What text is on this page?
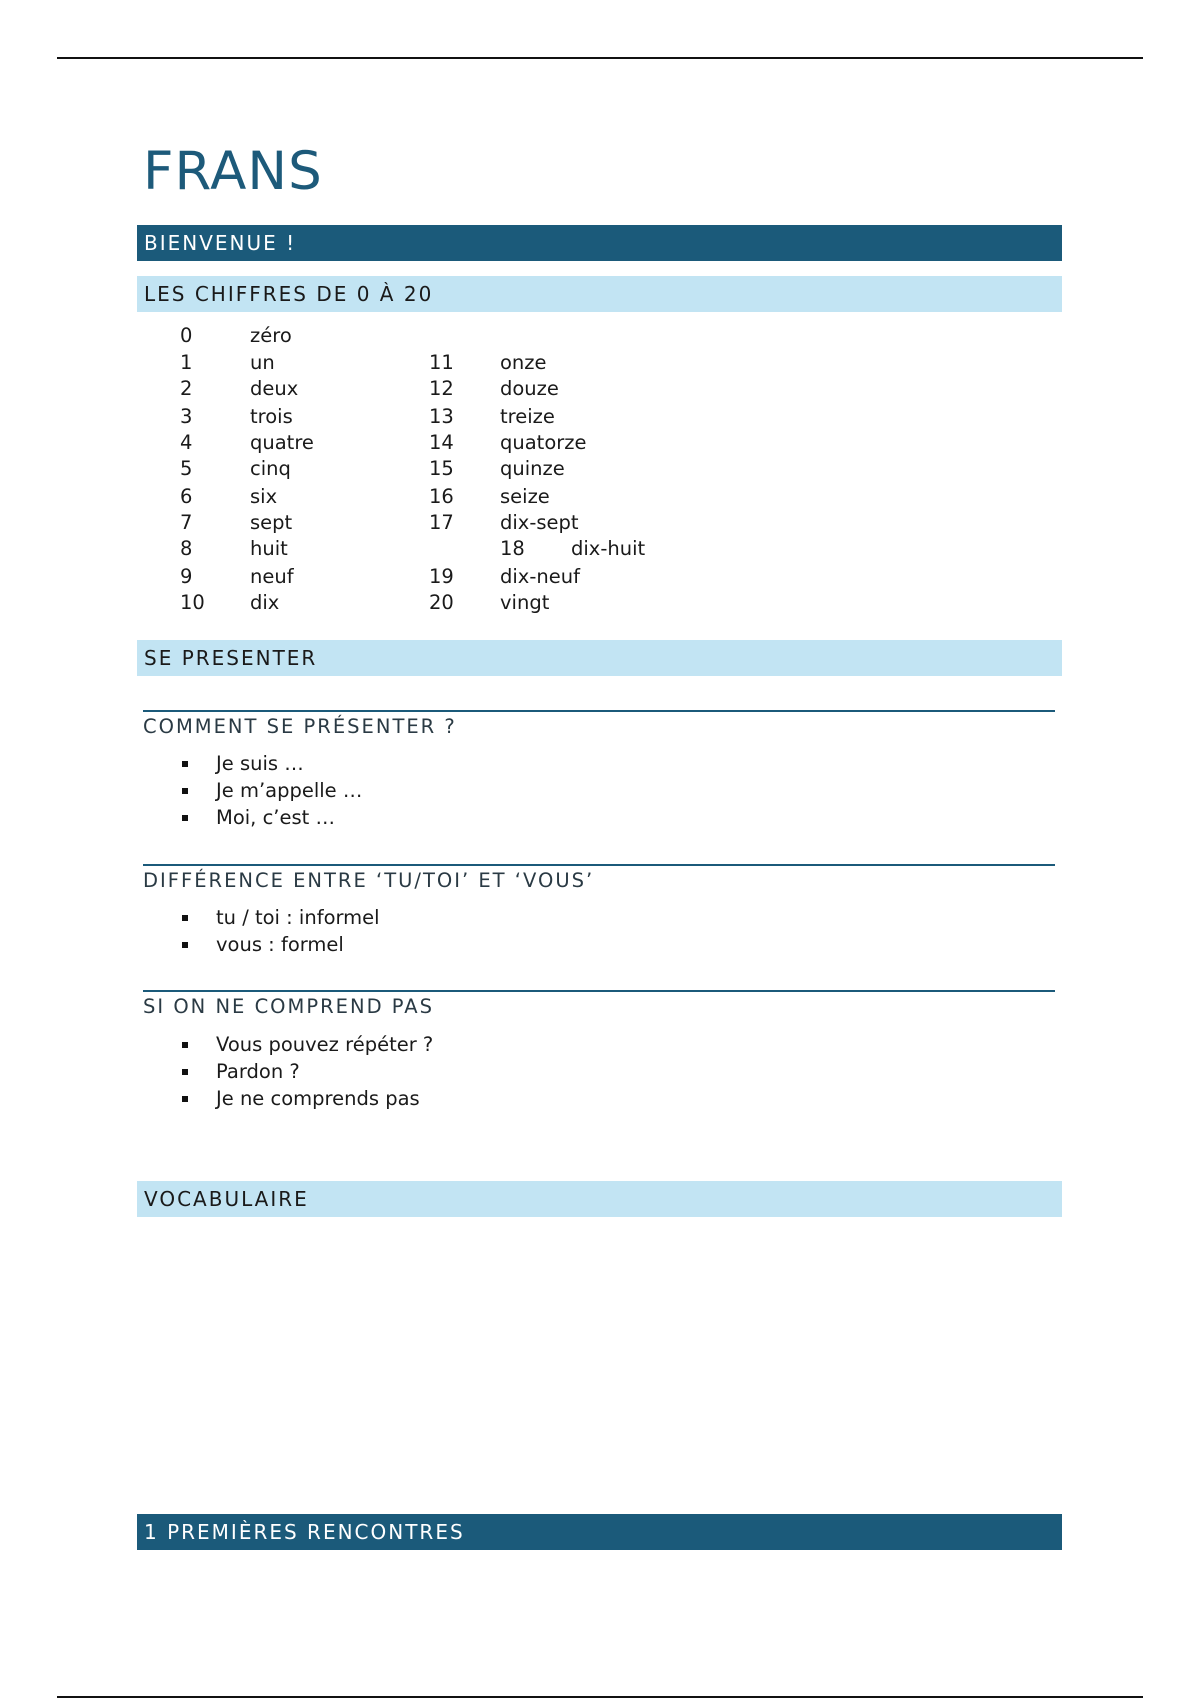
FRANS
BIENVENUE !
LES CHIFFRES DE 0 À 20
0	zéro
1	un	11 onze
2	deux	12 douze
3	trois	13 treize
4	quatre	14 quatorze
5	cinq	15 quinze
6	six	16 seize
7	sept	17 dix-sept
8	huit	18 dix-huit
9	neuf	19 dix-neuf
10 dix	20 vingt
SE PRESENTER
COMMENT SE PRÉSENTER ?
Je suis …
Je m’appelle …
Moi, c’est …
DIFFÉRENCE ENTRE ‘TU/TOI’ ET ‘VOUS’
tu / toi : informel
vous : formel
SI ON NE COMPREND PAS
Vous pouvez répéter ?
Pardon ?
Je ne comprends pas
VOCABULAIRE
1 PREMIÈRES RENCONTRES
